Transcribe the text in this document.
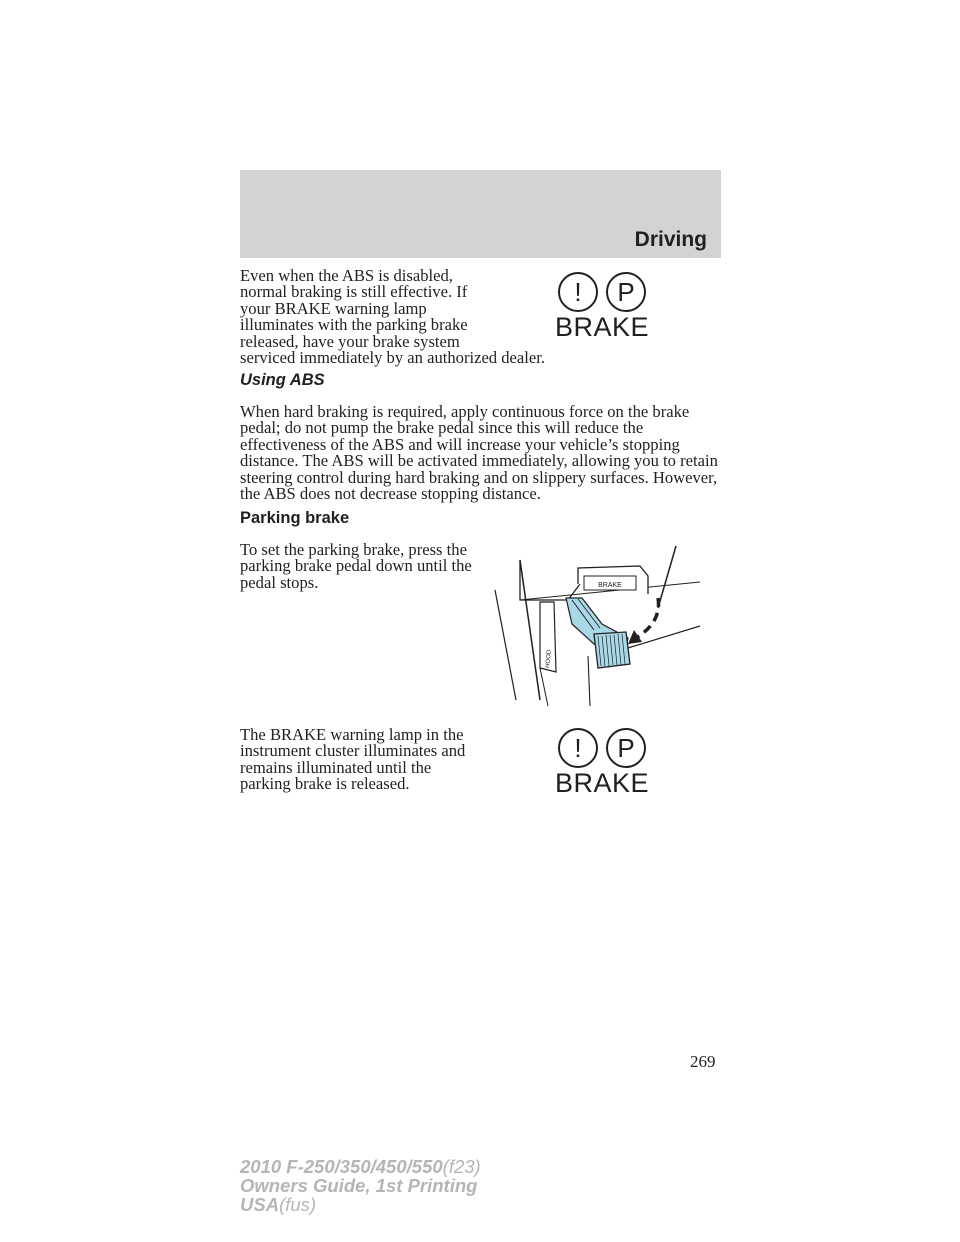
Driving

Even when the ABS is disabled,
normal braking is still effective. If
your BRAKE warning lamp
illuminates with the parking brake
released, have your brake system
serviced immediately by an authorized dealer.

!	P
BRAKE
Using ABS

When hard braking is required, apply continuous force on the brake
pedal; do not pump the brake pedal since this will reduce the
effectiveness of the ABS and will increase your vehicle’s stopping
distance. The ABS will be activated immediately, allowing you to retain
steering control during hard braking and on slippery surfaces. However,
the ABS does not decrease stopping distance.

Parking brake

To set the parking brake, press the
parking brake pedal down until the
pedal stops.	BRAKE
HOOD

The BRAKE warning lamp in the
instrument cluster illuminates and
remains illuminated until the
parking brake is released.

!	P
BRAKE
269
2010 F-250/350/450/550(f23)
Owners Guide, 1st Printing
USA(fus)
